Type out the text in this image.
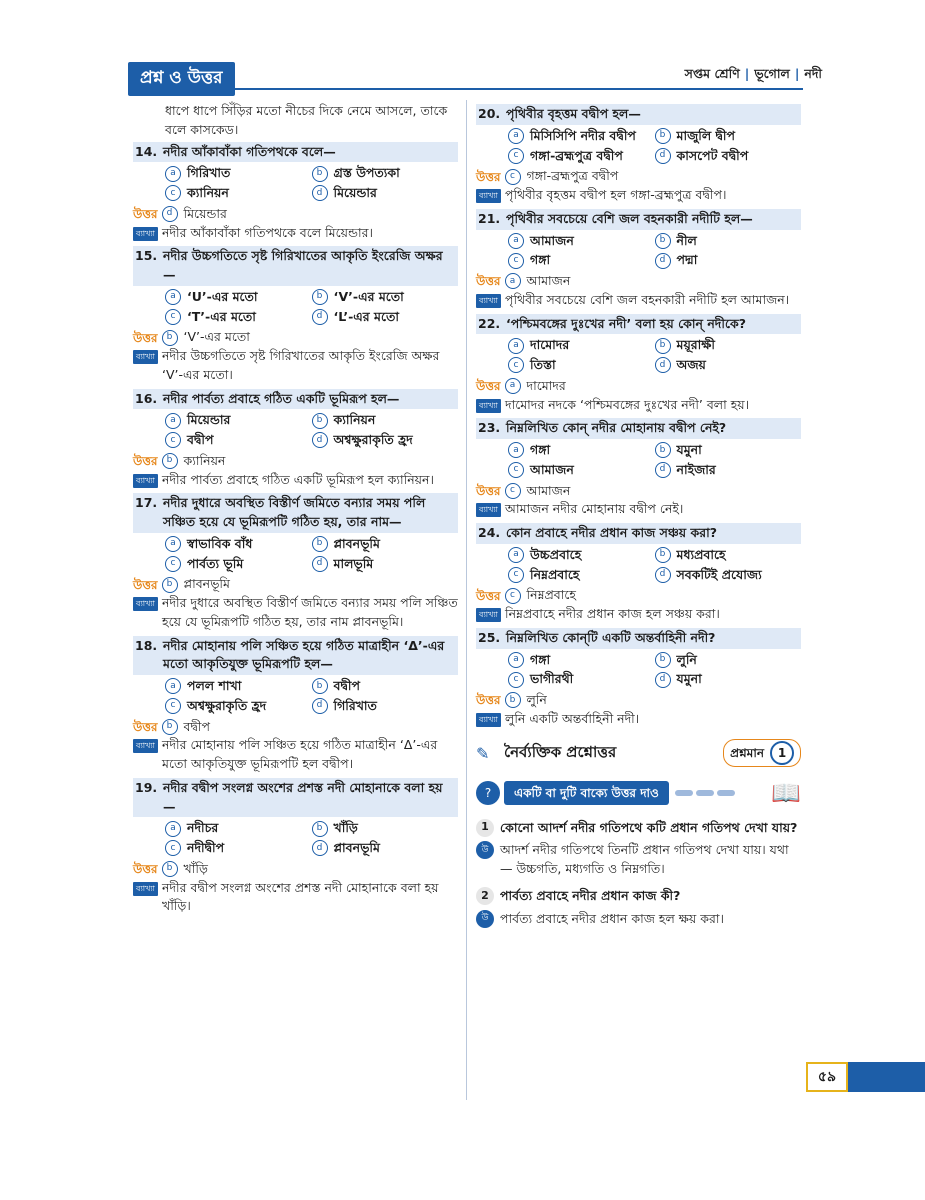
প্রশ্ন ও উত্তর	সপ্তম শ্রেণি | ভূগোল | নদী
ধাপে ধাপে সিঁড়ির মতো নীচের দিকে নেমে আসলে, তাকে বলে কাসকেড।
14. নদীর আঁকাবাঁকা গতিপথকে বলে—
a গিরিখাত	b গ্রস্ত উপত্যকা
c ক্যানিয়ন	d মিয়েন্ডার
উত্তর	d মিয়েন্ডার
ব্যাখ্যা নদীর আঁকাবাঁকা গতিপথকে বলে মিয়েন্ডার।
15. নদীর উচ্চগতিতে সৃষ্ট গিরিখাতের আকৃতি ইংরেজি অক্ষর—
a ‘U’-এর মতো	b ‘V’-এর মতো
c ‘T’-এর মতো	d ‘L’-এর মতো
উত্তর	b ‘V’-এর মতো
ব্যাখ্যা নদীর উচ্চগতিতে সৃষ্ট গিরিখাতের আকৃতি ইংরেজি অক্ষর ‘V’-এর মতো।
16. নদীর পার্বত্য প্রবাহে গঠিত একটি ভূমিরূপ হল—
a মিয়েন্ডার	b ক্যানিয়ন
c বদ্বীপ	d অশ্বক্ষুরাকৃতি হ্রদ
উত্তর	b ক্যানিয়ন
ব্যাখ্যা নদীর পার্বত্য প্রবাহে গঠিত একটি ভূমিরূপ হল ক্যানিয়ন।
17. নদীর দুধারে অবস্থিত বিস্তীর্ণ জমিতে বন্যার সময় পলি সঞ্চিত হয়ে যে ভূমিরূপটি গঠিত হয়, তার নাম—
a স্বাভাবিক বাঁধ	b প্লাবনভূমি
c পার্বত্য ভূমি	d মালভূমি
উত্তর	b প্লাবনভূমি
ব্যাখ্যা নদীর দুধারে অবস্থিত বিস্তীর্ণ জমিতে বন্যার সময় পলি সঞ্চিত হয়ে যে ভূমিরূপটি গঠিত হয়, তার নাম প্লাবনভূমি।
18. নদীর মোহানায় পলি সঞ্চিত হয়ে গঠিত মাত্রাহীন ‘Δ’-এর মতো আকৃতিযুক্ত ভূমিরূপটি হল—
a পলল শাখা	b বদ্বীপ
c অশ্বক্ষুরাকৃতি হ্রদ	d গিরিখাত
উত্তর	b বদ্বীপ
ব্যাখ্যা নদীর মোহানায় পলি সঞ্চিত হয়ে গঠিত মাত্রাহীন ‘Δ’-এর মতো আকৃতিযুক্ত ভূমিরূপটি হল বদ্বীপ।
19. নদীর বদ্বীপ সংলগ্ন অংশের প্রশস্ত নদী মোহানাকে বলা হয়—
a নদীচর	b খাঁড়ি
c নদীদ্বীপ	d প্লাবনভূমি
উত্তর	b খাঁড়ি
ব্যাখ্যা নদীর বদ্বীপ সংলগ্ন অংশের প্রশস্ত নদী মোহানাকে বলা হয় খাঁড়ি।
20. পৃথিবীর বৃহত্তম বদ্বীপ হল—
a মিসিসিপি নদীর বদ্বীপ	b মাজুলি দ্বীপ
c গঙ্গা-ব্রহ্মপুত্র বদ্বীপ	d কাসপেট বদ্বীপ
উত্তর	c গঙ্গা-ব্রহ্মপুত্র বদ্বীপ
ব্যাখ্যা পৃথিবীর বৃহত্তম বদ্বীপ হল গঙ্গা-ব্রহ্মপুত্র বদ্বীপ।
21. পৃথিবীর সবচেয়ে বেশি জল বহনকারী নদীটি হল—
a আমাজন	b নীল
c গঙ্গা	d পদ্মা
উত্তর	a আমাজন
ব্যাখ্যা পৃথিবীর সবচেয়ে বেশি জল বহনকারী নদীটি হল আমাজন।
22. ‘পশ্চিমবঙ্গের দুঃখের নদী’ বলা হয় কোন্ নদীকে?
a দামোদর	b ময়ূরাক্ষী
c তিস্তা	d অজয়
উত্তর	a দামোদর
ব্যাখ্যা দামোদর নদকে ‘পশ্চিমবঙ্গের দুঃখের নদী’ বলা হয়।
23. নিম্নলিখিত কোন্ নদীর মোহানায় বদ্বীপ নেই?
a গঙ্গা	b যমুনা
c আমাজন	d নাইজার
উত্তর	c আমাজন
ব্যাখ্যা আমাজন নদীর মোহানায় বদ্বীপ নেই।
24. কোন প্রবাহে নদীর প্রধান কাজ সঞ্চয় করা?
a উচ্চপ্রবাহে	b মধ্যপ্রবাহে
c নিম্নপ্রবাহে	d সবকটিই প্রযোজ্য
উত্তর	c নিম্নপ্রবাহে
ব্যাখ্যা নিম্নপ্রবাহে নদীর প্রধান কাজ হল সঞ্চয় করা।
25. নিম্নলিখিত কোন্‌টি একটি অন্তর্বাহিনী নদী?
a গঙ্গা	b লুনি
c ভাগীরথী	d যমুনা
উত্তর	b লুনি
ব্যাখ্যা লুনি একটি অন্তর্বাহিনী নদী।
✎ নৈর্ব্যক্তিক প্রশ্নোত্তর	প্রশ্নমান	1
?	একটি বা দুটি বাক্যে উত্তর দাও	📖
1 কোনো আদর্শ নদীর গতিপথে কটি প্রধান গতিপথ দেখা যায়?
উ আদর্শ নদীর গতিপথে তিনটি প্রধান গতিপথ দেখা যায়। যথা— উচ্চগতি, মধ্যগতি ও নিম্নগতি।
2 পার্বত্য প্রবাহে নদীর প্রধান কাজ কী?
উ পার্বত্য প্রবাহে নদীর প্রধান কাজ হল ক্ষয় করা।
৫৯
